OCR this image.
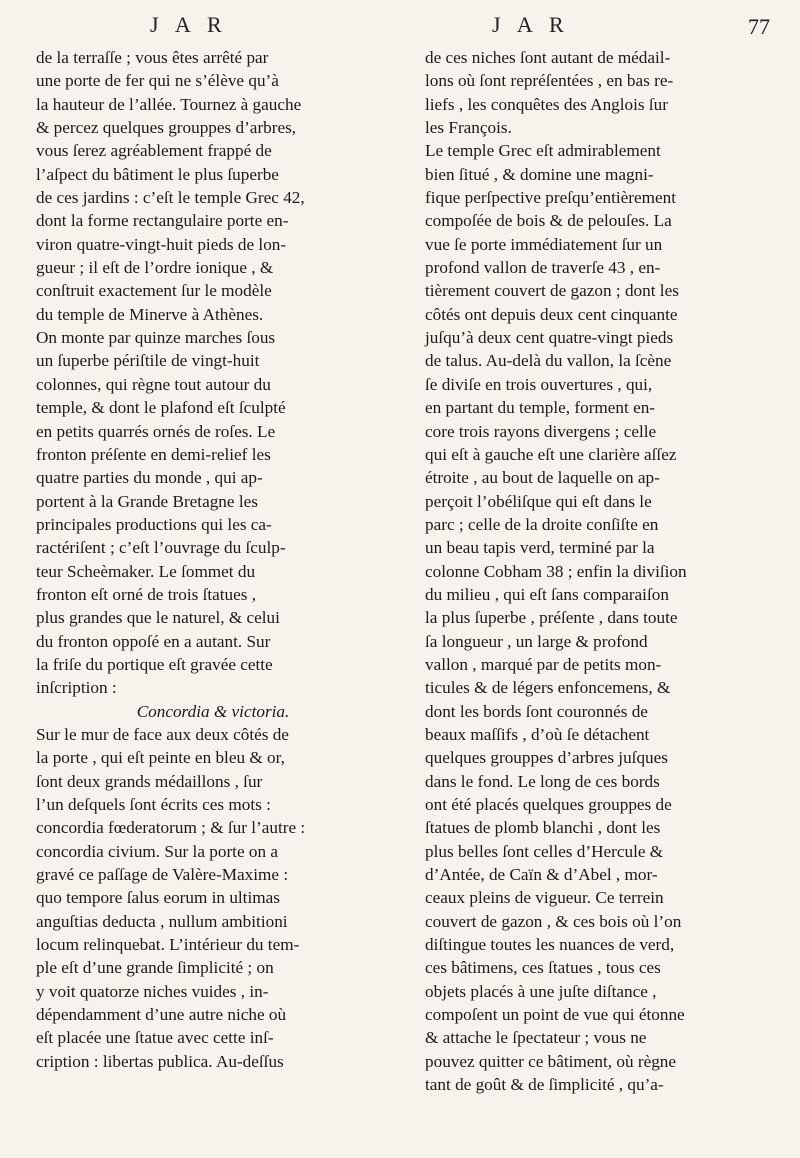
J A R	J A R	77
de la terraſſe ; vous êtes arrêté par
une porte de fer qui ne s’élève qu’à
la hauteur de l’allée. Tournez à gauche
& percez quelques grouppes d’arbres,
vous ſerez agréablement frappé de
l’aſpect du bâtiment le plus ſuperbe
de ces jardins : c’eſt le temple Grec 42,
dont la forme rectangulaire porte en-
viron quatre-vingt-huit pieds de lon-
gueur ; il eſt de l’ordre ionique , &
conſtruit exactement ſur le modèle
du temple de Minerve à Athènes.
On monte par quinze marches ſous
un ſuperbe périſtile de vingt-huit
colonnes, qui règne tout autour du
temple, & dont le plafond eſt ſculpté
en petits quarrés ornés de roſes. Le
fronton préſente en demi-relief les
quatre parties du monde , qui ap-
portent à la Grande Bretagne les
principales productions qui les ca-
ractériſent ; c’eſt l’ouvrage du ſculp-
teur Scheèmaker. Le ſommet du
fronton eſt orné de trois ſtatues ,
plus grandes que le naturel, & celui
du fronton oppoſé en a autant. Sur
la friſe du portique eſt gravée cette
inſcription :
Concordia & victoria.
Sur le mur de face aux deux côtés de
la porte , qui eſt peinte en bleu & or,
ſont deux grands médaillons , ſur
l’un deſquels ſont écrits ces mots :
concordia fœderatorum ; & ſur l’autre :
concordia civium. Sur la porte on a
gravé ce paſſage de Valère-Maxime :
quo tempore ſalus eorum in ultimas
anguſtias deducta , nullum ambitioni
locum relinquebat. L’intérieur du tem-
ple eſt d’une grande ſimplicité ; on
y voit quatorze niches vuides , in-
dépendamment d’une autre niche où
eſt placée une ſtatue avec cette inſ-
cription : libertas publica. Au-deſſus
de ces niches ſont autant de médail-
lons où ſont repréſentées , en bas re-
liefs , les conquêtes des Anglois ſur
les François.
Le temple Grec eſt admirablement
bien ſitué , & domine une magni-
fique perſpective preſqu’entièrement
compoſée de bois & de pelouſes. La
vue ſe porte immédiatement ſur un
profond vallon de traverſe 43 , en-
tièrement couvert de gazon ; dont les
côtés ont depuis deux cent cinquante
juſqu’à deux cent quatre-vingt pieds
de talus. Au-delà du vallon, la ſcène
ſe diviſe en trois ouvertures , qui,
en partant du temple, forment en-
core trois rayons divergens ; celle
qui eſt à gauche eſt une clarière aſſez
étroite , au bout de laquelle on ap-
perçoit l’obéliſque qui eſt dans le
parc ; celle de la droite conſiſte en
un beau tapis verd, terminé par la
colonne Cobham 38 ; enfin la diviſion
du milieu , qui eſt ſans comparaiſon
la plus ſuperbe , préſente , dans toute
ſa longueur , un large & profond
vallon , marqué par de petits mon-
ticules & de légers enfoncemens, &
dont les bords ſont couronnés de
beaux maſſifs , d’où ſe détachent
quelques grouppes d’arbres juſques
dans le fond. Le long de ces bords
ont été placés quelques grouppes de
ſtatues de plomb blanchi , dont les
plus belles ſont celles d’Hercule &
d’Antée, de Caïn & d’Abel , mor-
ceaux pleins de vigueur. Ce terrein
couvert de gazon , & ces bois où l’on
diſtingue toutes les nuances de verd,
ces bâtimens, ces ſtatues , tous ces
objets placés à une juſte diſtance ,
compoſent un point de vue qui étonne
& attache le ſpectateur ; vous ne
pouvez quitter ce bâtiment, où règne
tant de goût & de ſimplicité , qu’a-
